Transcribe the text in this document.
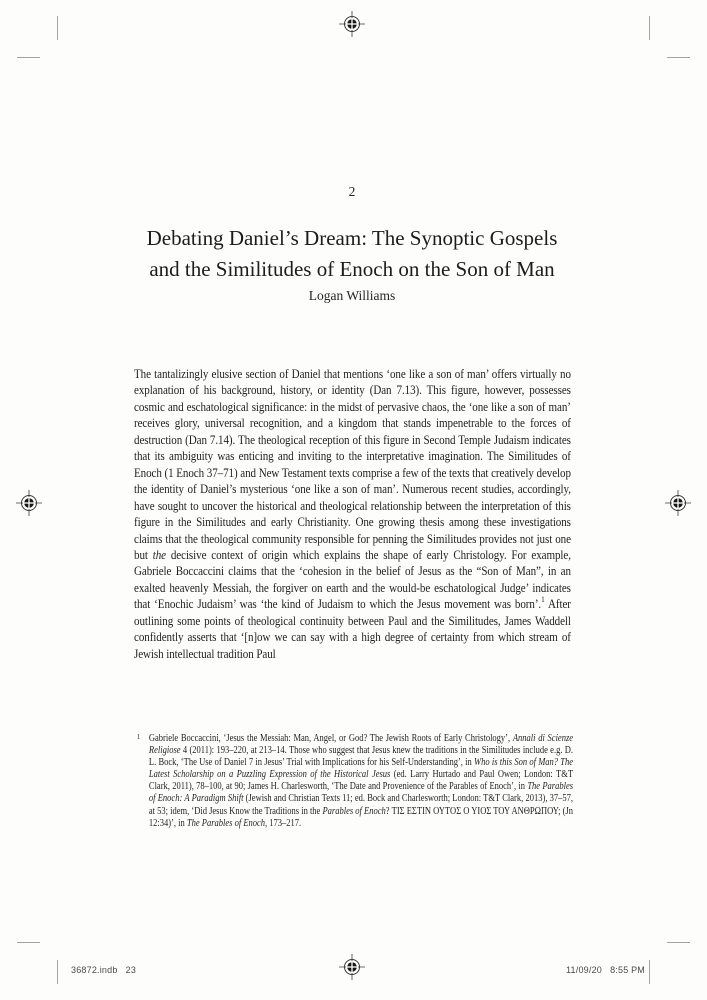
2
Debating Daniel’s Dream: The Synoptic Gospels
and the Similitudes of Enoch on the Son of Man
Logan Williams

The tantalizingly elusive section of Daniel that mentions ‘one like a son of man’ offers virtually no explanation of his background, history, or identity (Dan 7.13). This figure, however, possesses cosmic and eschatological significance: in the midst of pervasive chaos, the ‘one like a son of man’ receives glory, universal recognition, and a kingdom that stands impenetrable to the forces of destruction (Dan 7.14). The theological reception of this figure in Second Temple Judaism indicates that its ambiguity was enticing and inviting to the interpretative imagination. The Similitudes of Enoch (1 Enoch 37–71) and New Testament texts comprise a few of the texts that creatively develop the identity of Daniel’s mysterious ‘one like a son of man’. Numerous recent studies, accordingly, have sought to uncover the historical and theological relationship between the interpretation of this figure in the Similitudes and early Christianity. One growing thesis among these investigations claims that the theological community responsible for penning the Similitudes provides not just one but the decisive context of origin which explains the shape of early Christology. For example, Gabriele Boccaccini claims that the ‘cohesion in the belief of Jesus as the “Son of Man”, in an exalted heavenly Messiah, the forgiver on earth and the would-be eschatological Judge’ indicates that ‘Enochic Judaism’ was ‘the kind of Judaism to which the Jesus movement was born’.$^1$ After outlining some points of theological continuity between Paul and the Similitudes, James Waddell confidently asserts that ‘[n]ow we can say with a high degree of certainty from which stream of Jewish intellectual tradition Paul

1 Gabriele Boccaccini, ‘Jesus the Messiah: Man, Angel, or God? The Jewish Roots of Early Christology’, Annali di Scienze Religiose 4 (2011): 193–220, at 213–14. Those who suggest that Jesus knew the traditions in the Similitudes include e.g. D. L. Bock, ‘The Use of Daniel 7 in Jesus’ Trial with Implications for his Self-Understanding’, in Who is this Son of Man? The Latest Scholarship on a Puzzling Expression of the Historical Jesus (ed. Larry Hurtado and Paul Owen; London: T&T Clark, 2011), 78–100, at 90; James H. Charlesworth, ‘The Date and Provenience of the Parables of Enoch’, in The Parables of Enoch: A Paradigm Shift (Jewish and Christian Texts 11; ed. Bock and Charlesworth; London: T&T Clark, 2013), 37–57, at 53; idem, ‘Did Jesus Know the Traditions in the Parables of Enoch? ΤΙΣ ΕΣΤΙΝ ΟΥΤΟΣ Ο ΥΙΟΣ ΤΟΥ ΑΝΘΡΩΠΟΥ; (Jn 12:34)’, in The Parables of Enoch, 173–217.
36872.indb   23	11/09/20   8:55 PM
